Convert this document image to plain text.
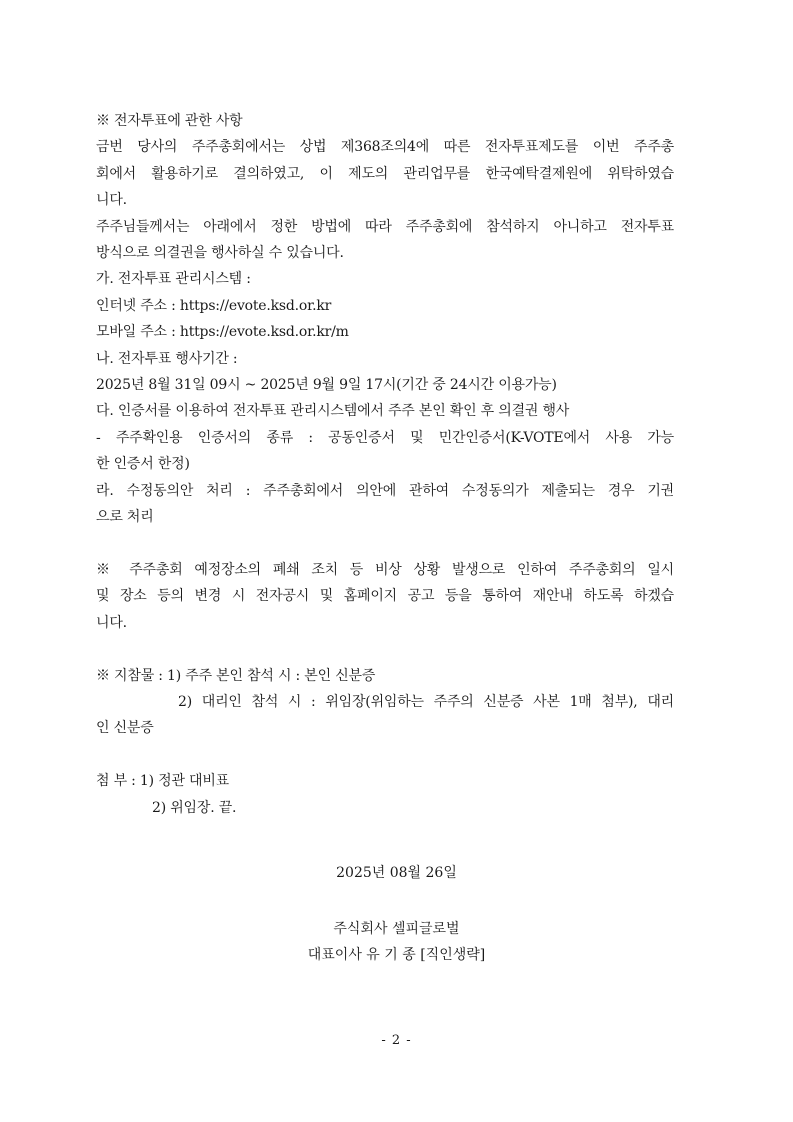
※ 전자투표에 관한 사항

금번 당사의 주주총회에서는 상법 제368조의4에 따른 전자투표제도를 이번 주주총

회에서 활용하기로 결의하였고, 이 제도의 관리업무를 한국예탁결제원에 위탁하였습

니다.

주주님들께서는 아래에서 정한 방법에 따라 주주총회에 참석하지 아니하고 전자투표

방식으로 의결권을 행사하실 수 있습니다.

가. 전자투표 관리시스템 :

인터넷 주소 : https://evote.ksd.or.kr

모바일 주소 : https://evote.ksd.or.kr/m

나. 전자투표 행사기간 :

2025년 8월 31일 09시 ~ 2025년 9월 9일 17시(기간 중 24시간 이용가능)

다. 인증서를 이용하여 전자투표 관리시스템에서 주주 본인 확인 후 의결권 행사

- 주주확인용 인증서의 종류 : 공동인증서 및 민간인증서(K-VOTE에서 사용 가능

한 인증서 한정)

라. 수정동의안 처리 : 주주총회에서 의안에 관하여 수정동의가 제출되는 경우 기권

으로 처리

※ 주주총회 예정장소의 폐쇄 조치 등 비상 상황 발생으로 인하여 주주총회의 일시

및 장소 등의 변경 시 전자공시 및 홈페이지 공고 등을 통하여 재안내 하도록 하겠습

니다.

※ 지참물 : 1) 주주 본인 참석 시 : 본인 신분증

2) 대리인 참석 시 : 위임장(위임하는 주주의 신분증 사본 1매 첨부), 대리

인 신분증

첨 부 : 1) 정관 대비표

2) 위임장. 끝.

2025년 08월 26일
주식회사 셀피글로벌
대표이사 유 기 종 [직인생략]
- 2 -
